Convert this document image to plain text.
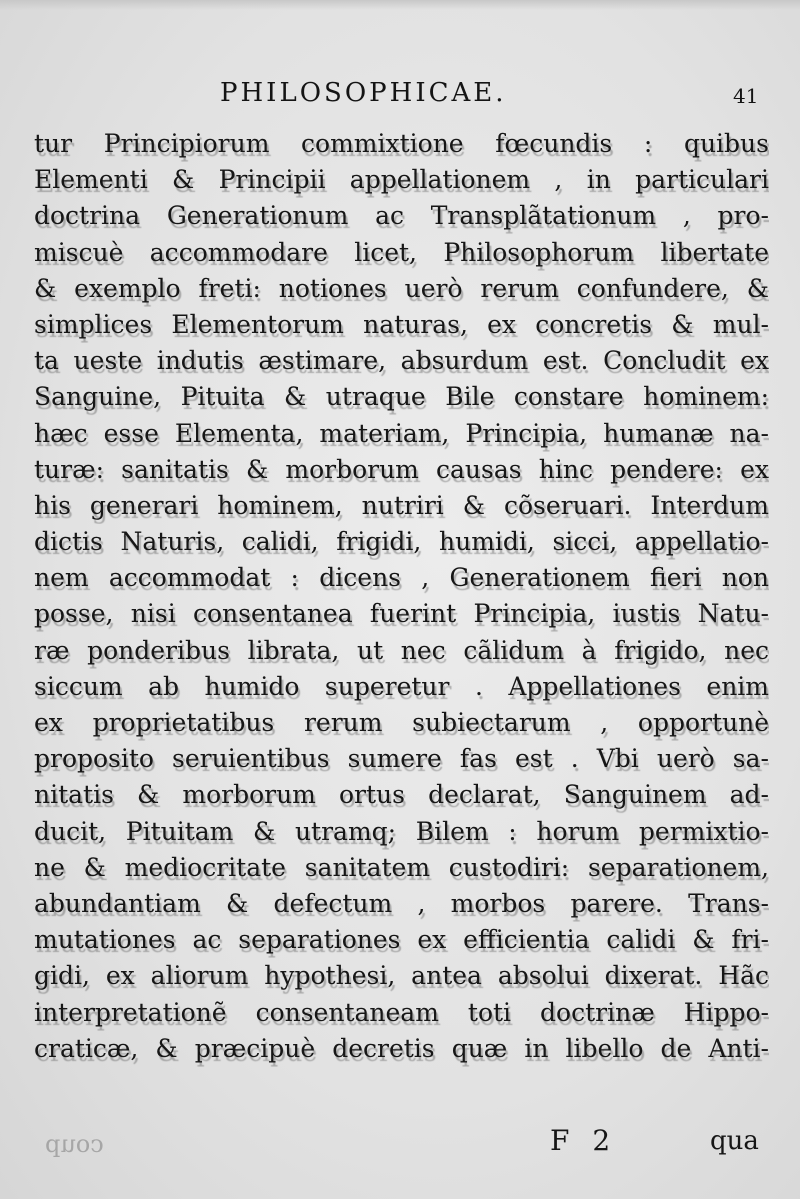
PHILOSOPHICAE.	41
tur Principiorum commixtione fœcundis : quibus
Elementi & Principii appellationem , in particulari
doctrina Generationum ac Transplãtationum , pro-
miscuè accommodare licet, Philosophorum libertate
& exemplo freti: notiones uerò rerum confundere, &
simplices Elementorum naturas, ex concretis & mul-
ta ueste indutis æstimare, absurdum est. Concludit ex
Sanguine, Pituita & utraque Bile constare hominem:
hæc esse Elementa, materiam, Principia, humanæ na-
turæ: sanitatis & morborum causas hinc pendere: ex
his generari hominem, nutriri & cõseruari. Interdum
dictis Naturis, calidi, frigidi, humidi, sicci, appellatio-
nem accommodat : dicens , Generationem fieri non
posse, nisi consentanea fuerint Principia, iustis Natu-
ræ ponderibus librata, ut nec cãlidum à frigido, nec
siccum ab humido superetur . Appellationes enim
ex proprietatibus rerum subiectarum , opportunè
proposito seruientibus sumere fas est . Vbi uerò sa-
nitatis & morborum ortus declarat, Sanguinem ad-
ducit, Pituitam & utramq; Bilem : horum permixtio-
ne & mediocritate sanitatem custodiri: separationem,
abundantiam & defectum , morbos parere. Trans-
mutationes ac separationes ex efficientia calidi & fri-
gidi, ex aliorum hypothesi, antea absolui dixerat. Hãc
interpretationẽ consentaneam toti doctrinæ Hippo-
craticæ, & præcipuè decretis quæ in libello de Anti-
coup	F 2	qua
